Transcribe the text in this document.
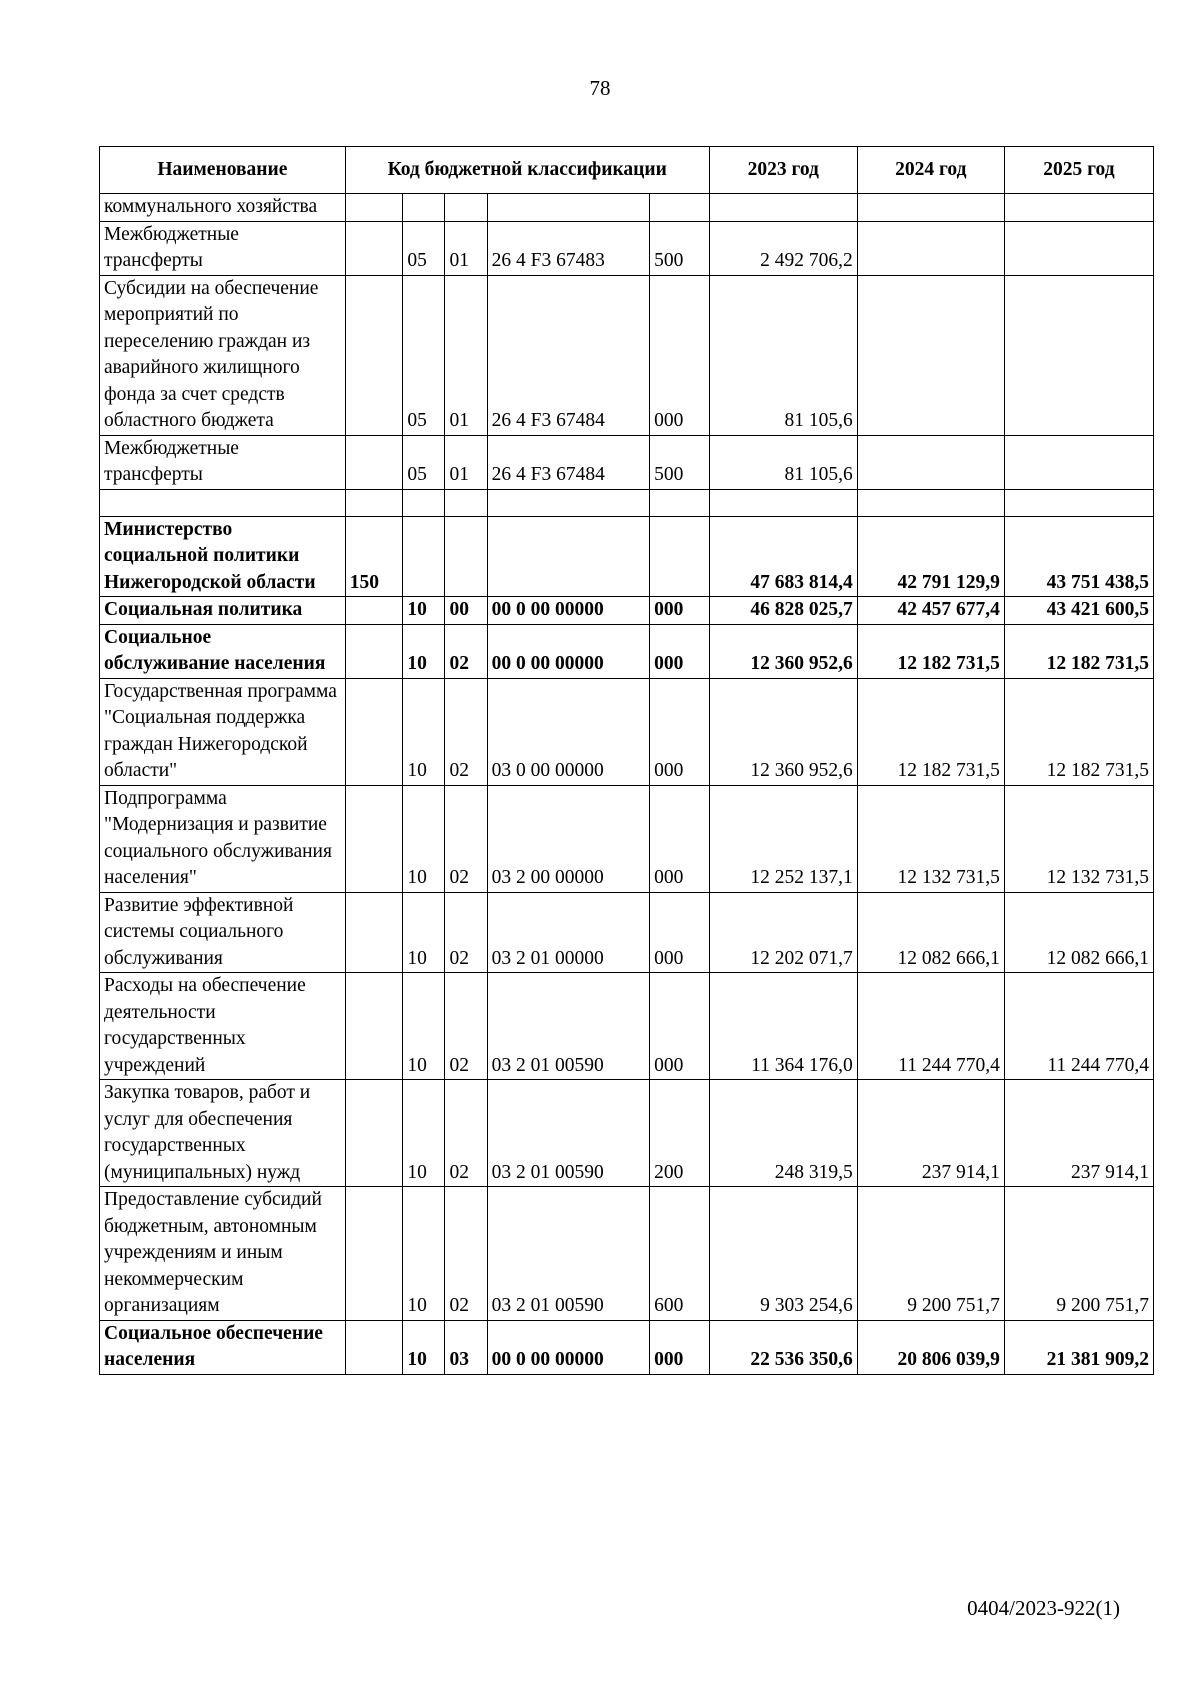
78
Наименование	Код бюджетной классификации					2023 год	2024 год	2025 год
коммунального хозяйства								
Межбюджетные трансферты		05	01	26 4 F3 67483	500	2 492 706,2		
Субсидии на обеспечение мероприятий по переселению граждан из аварийного жилищного фонда за счет средств областного бюджета		05	01	26 4 F3 67484	000	81 105,6		
Межбюджетные трансферты		05	01	26 4 F3 67484	500	81 105,6		

Министерство социальной политики Нижегородской области	150					47 683 814,4	42 791 129,9	43 751 438,5
Социальная политика		10	00	00 0 00 00000	000	46 828 025,7	42 457 677,4	43 421 600,5
Социальное обслуживание населения		10	02	00 0 00 00000	000	12 360 952,6	12 182 731,5	12 182 731,5
Государственная программа "Социальная поддержка граждан Нижегородской области"		10	02	03 0 00 00000	000	12 360 952,6	12 182 731,5	12 182 731,5
Подпрограмма "Модернизация и развитие социального обслуживания населения"		10	02	03 2 00 00000	000	12 252 137,1	12 132 731,5	12 132 731,5
Развитие эффективной системы социального обслуживания		10	02	03 2 01 00000	000	12 202 071,7	12 082 666,1	12 082 666,1
Расходы на обеспечение деятельности государственных учреждений		10	02	03 2 01 00590	000	11 364 176,0	11 244 770,4	11 244 770,4
Закупка товаров, работ и услуг для обеспечения государственных (муниципальных) нужд		10	02	03 2 01 00590	200	248 319,5	237 914,1	237 914,1
Предоставление субсидий бюджетным, автономным учреждениям и иным некоммерческим организациям		10	02	03 2 01 00590	600	9 303 254,6	9 200 751,7	9 200 751,7
Социальное обеспечение населения		10	03	00 0 00 00000	000	22 536 350,6	20 806 039,9	21 381 909,2
0404/2023-922(1)
